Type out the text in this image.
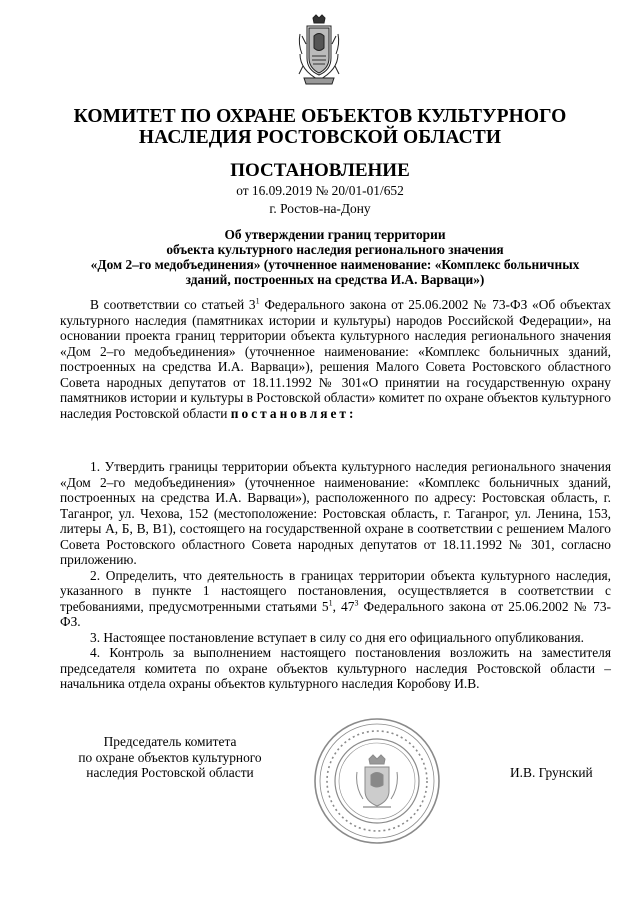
КОМИТЕТ ПО ОХРАНЕ ОБЪЕКТОВ КУЛЬТУРНОГО
НАСЛЕДИЯ РОСТОВСКОЙ ОБЛАСТИ
ПОСТАНОВЛЕНИЕ
от 16.09.2019 № 20/01-01/652
г. Ростов-на-Дону
Об утверждении границ территории
объекта культурного наследия регионального значения
«Дом 2–го медобъединения» (уточненное наименование: «Комплекс больничных
зданий, построенных на средства И.А. Варваци»)

В соответствии со статьей $3^1$ Федерального закона от 25.06.2002 № 73-ФЗ «Об объектах культурного наследия (памятниках истории и культуры) народов Российской Федерации», на основании проекта границ территории объекта культурного наследия регионального значения «Дом 2–го медобъединения» (уточненное наименование: «Комплекс больничных зданий, построенных на средства И.А. Варваци»), решения Малого Совета Ростовского областного Совета народных депутатов от 18.11.1992 № 301«О принятии на государственную охрану памятников истории и культуры в Ростовской области» комитет по охране объектов культурного наследия Ростовской области постановляет:

1. Утвердить границы территории объекта культурного наследия регионального значения «Дом 2–го медобъединения» (уточненное наименование: «Комплекс больничных зданий, построенных на средства И.А. Варваци»), расположенного по адресу: Ростовская область, г. Таганрог, ул. Чехова, 152 (местоположение: Ростовская область, г. Таганрог, ул. Ленина, 153, литеры А, Б, В, В1), состоящего на государственной охране в соответствии с решением Малого Совета Ростовского областного Совета народных депутатов от 18.11.1992 № 301, согласно приложению.

2. Определить, что деятельность в границах территории объекта культурного наследия, указанного в пункте 1 настоящего постановления, осуществляется в соответствии с требованиями, предусмотренными статьями $5^1$, $47^3$ Федерального закона от 25.06.2002 № 73-ФЗ.

3. Настоящее постановление вступает в силу со дня его официального опубликования.

4. Контроль за выполнением настоящего постановления возложить на заместителя председателя комитета по охране объектов культурного наследия Ростовской области – начальника отдела охраны объектов культурного наследия Коробову И.В.

Председатель комитета
по охране объектов культурного
наследия Ростовской области	И.В. Грунский
